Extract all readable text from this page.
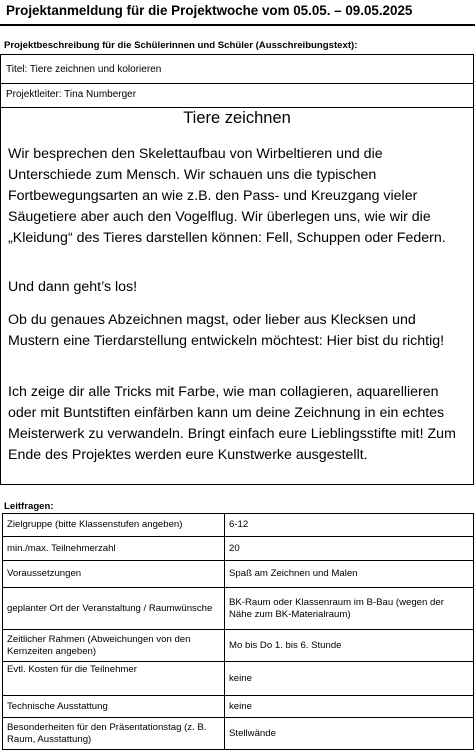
Projektanmeldung für die Projektwoche vom 05.05. – 09.05.2025
Projektbeschreibung für die Schülerinnen und Schüler (Ausschreibungstext):
Titel: Tiere zeichnen und kolorieren
Projektleiter: Tina Numberger
Tiere zeichnen

Wir besprechen den Skelettaufbau von Wirbeltieren und die Unterschiede zum Mensch. Wir schauen uns die typischen Fortbewegungsarten an wie z.B. den Pass- und Kreuzgang vieler Säugetiere aber auch den Vogelflug. Wir überlegen uns, wie wir die „Kleidung“ des Tieres darstellen können: Fell, Schuppen oder Federn.

Und dann geht’s los!

Ob du genaues Abzeichnen magst, oder lieber aus Klecksen und Mustern eine Tierdarstellung entwickeln möchtest: Hier bist du richtig!

Ich zeige dir alle Tricks mit Farbe, wie man collagieren, aquarellieren oder mit Buntstiften einfärben kann um deine Zeichnung in ein echtes Meisterwerk zu verwandeln. Bringt einfach eure Lieblingsstifte mit! Zum Ende des Projektes werden eure Kunstwerke ausgestellt.

Leitfragen:
Zielgruppe (bitte Klassenstufen angeben)	6-12
min./max. Teilnehmerzahl	20
Voraussetzungen	Spaß am Zeichnen und Malen
geplanter Ort der Veranstaltung / Raumwünsche	BK-Raum oder Klassenraum im B-Bau (wegen der Nähe zum BK-Materialraum)
Zeitlicher Rahmen (Abweichungen von den Kernzeiten angeben)	Mo bis Do 1. bis 6. Stunde
Evtl. Kosten für die Teilnehmer	keine
Technische Ausstattung	keine
Besonderheiten für den Präsentationstag (z. B. Raum, Ausstattung)	Stellwände
